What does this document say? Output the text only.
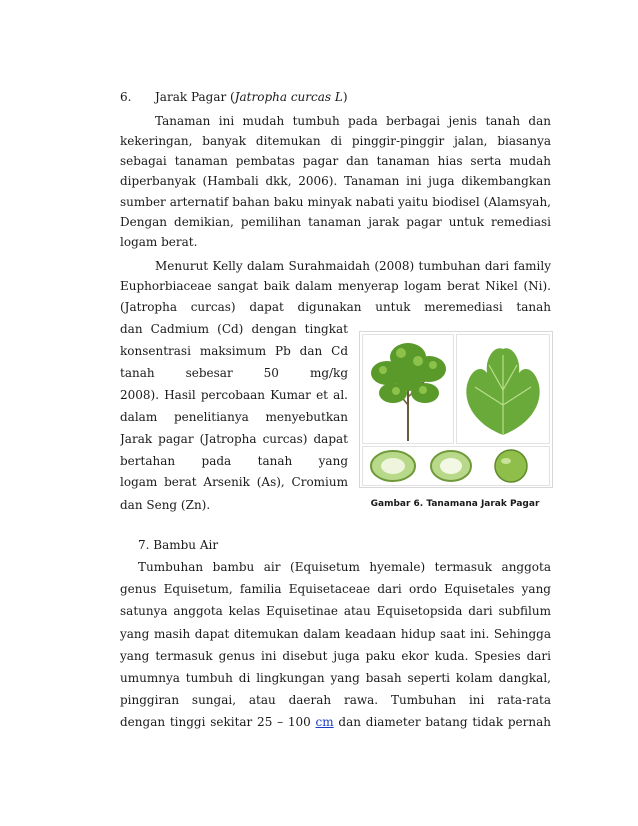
6. Jarak Pagar (Jatropha curcas L)
Tanaman ini mudah tumbuh pada berbagai jenis tanah dan
kekeringan, banyak ditemukan di pinggir-pinggir jalan, biasanya
sebagai tanaman pembatas pagar dan tanaman hias serta mudah
diperbanyak (Hambali dkk, 2006). Tanaman ini juga dikembangkan
sumber arternatif bahan baku minyak nabati yaitu biodisel (Alamsyah,
Dengan demikian, pemilihan tanaman jarak pagar untuk remediasi
logam berat.
Menurut Kelly dalam Surahmaidah (2008) tumbuhan dari family
Euphorbiaceae sangat baik dalam menyerap logam berat Nikel (Ni).
(Jatropha curcas) dapat digunakan untuk meremediasi tanah
dan Cadmium (Cd) dengan tingkat
konsentrasi maksimum Pb dan Cd
tanah sebesar 50 mg/kg
2008). Hasil percobaan Kumar et al.
dalam penelitianya menyebutkan
Jarak pagar (Jatropha curcas) dapat
bertahan pada tanah yang
logam berat Arsenik (As), Cromium
dan Seng (Zn).	Gambar 6. Tanamana Jarak Pagar
7. Bambu Air
Tumbuhan bambu air (Equisetum hyemale) termasuk anggota
genus Equisetum, familia Equisetaceae dari ordo Equisetales yang
satunya anggota kelas Equisetinae atau Equisetopsida dari subfilum
yang masih dapat ditemukan dalam keadaan hidup saat ini. Sehingga
yang termasuk genus ini disebut juga paku ekor kuda. Spesies dari
umumnya tumbuh di lingkungan yang basah seperti kolam dangkal,
pinggiran sungai, atau daerah rawa. Tumbuhan ini rata-rata
dengan tinggi sekitar 25 – 100 cm dan diameter batang tidak pernah
